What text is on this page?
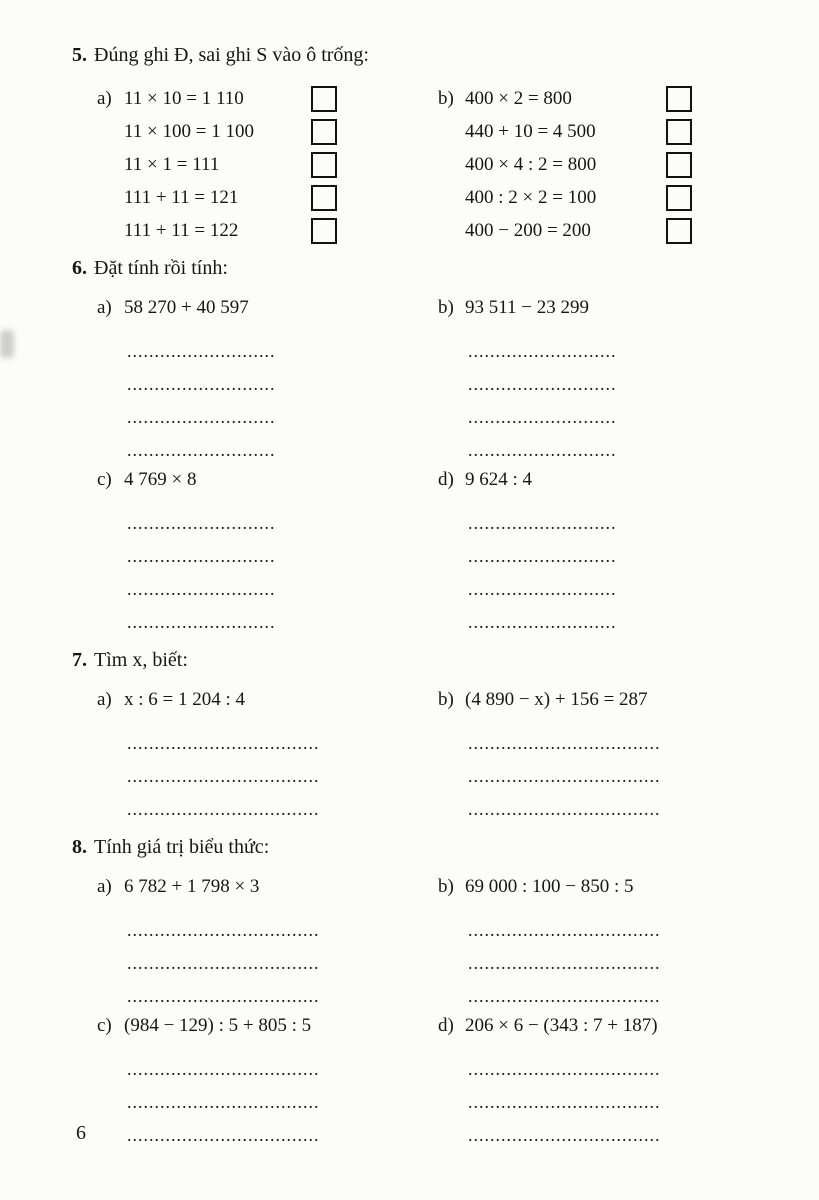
5. Đúng ghi Đ, sai ghi S vào ô trống:
a) 11 × 10 = 1 110
11 × 100 = 1 100
11 × 1 = 111
111 + 11 = 121
111 + 11 = 122
b) 400 × 2 = 800
440 + 10 = 4 500
400 × 4 : 2 = 800
400 : 2 × 2 = 100
400 − 200 = 200
6. Đặt tính rồi tính:
a) 58 270 + 40 597
...........................
...........................
...........................
...........................
b) 93 511 − 23 299
...........................
...........................
...........................
...........................
c) 4 769 × 8
...........................
...........................
...........................
...........................
d) 9 624 : 4
...........................
...........................
...........................
...........................
7. Tìm x, biết:
a) x : 6 = 1 204 : 4
...................................
...................................
...................................
b) (4 890 − x) + 156 = 287
...................................
...................................
...................................
8. Tính giá trị biểu thức:
a) 6 782 + 1 798 × 3
...................................
...................................
...................................
b) 69 000 : 100 − 850 : 5
...................................
...................................
...................................
c) (984 − 129) : 5 + 805 : 5
...................................
...................................
...................................
d) 206 × 6 − (343 : 7 + 187)
...................................
...................................
...................................
6
